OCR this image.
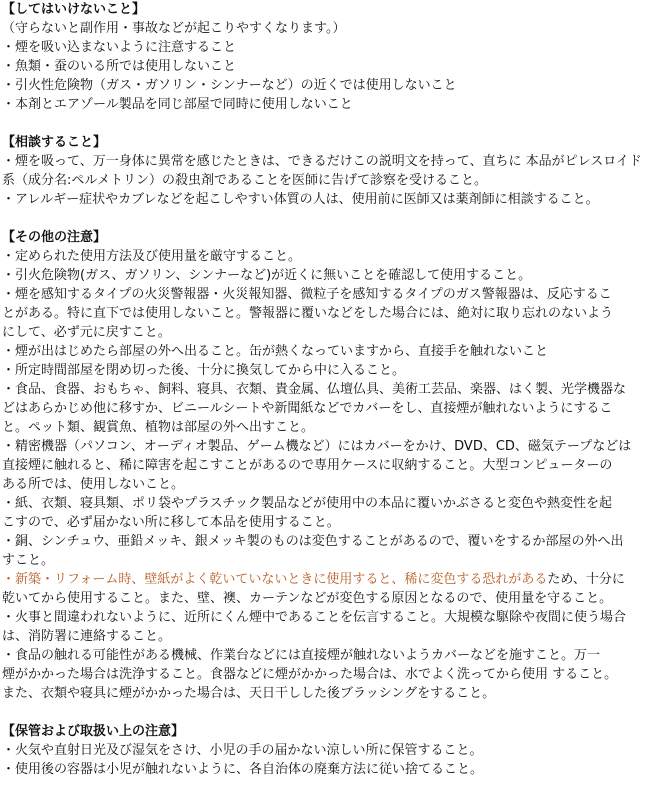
【してはいけないこと】

（守らないと副作用・事故などが起こりやすくなります。）

・煙を吸い込まないように注意すること

・魚類・蚕のいる所では使用しないこと

・引火性危険物（ガス・ガソリン・シンナーなど）の近くでは使用しないこと

・本剤とエアゾール製品を同じ部屋で同時に使用しないこと

【相談すること】

・煙を吸って、万一身体に異常を感じたときは、できるだけこの説明文を持って、直ちに 本品がピレスロイド

系（成分名:ペルメトリン）の殺虫剤であることを医師に告げて診察を受けること。

・アレルギー症状やカブレなどを起こしやすい体質の人は、使用前に医師又は薬剤師に相談すること。

【その他の注意】

・定められた使用方法及び使用量を厳守すること。

・引火危険物(ガス、ガソリン、シンナーなど)が近くに無いことを確認して使用すること。

・煙を感知するタイプの火災警報器・火災報知器、微粒子を感知するタイプのガス警報器は、反応するこ

とがある。特に直下では使用しないこと。警報器に覆いなどをした場合には、絶対に取り忘れのないよう

にして、必ず元に戻すこと。

・煙が出はじめたら部屋の外へ出ること。缶が熱くなっていますから、直接手を触れないこと

・所定時間部屋を閉め切った後、十分に換気してから中に入ること。

・食品、食器、おもちゃ、飼料、寝具、衣類、貴金属、仏壇仏具、美術工芸品、楽器、はく製、光学機器な

どはあらかじめ他に移すか、ビニールシートや新聞紙などでカバーをし、直接煙が触れないようにするこ

と。ペット類、観賞魚、植物は部屋の外へ出すこと。

・精密機器（パソコン、オーディオ製品、ゲーム機など）にはカバーをかけ、DVD、CD、磁気テープなどは

直接煙に触れると、稀に障害を起こすことがあるので専用ケースに収納すること。大型コンピューターの

ある所では、使用しないこと。

・紙、衣類、寝具類、ポリ袋やプラスチック製品などが使用中の本品に覆いかぶさると変色や熱変性を起

こすので、必ず届かない所に移して本品を使用すること。

・銅、シンチュウ、亜鉛メッキ、銀メッキ製のものは変色することがあるので、覆いをするか部屋の外へ出

すこと。

・新築・リフォーム時、壁紙がよく乾いていないときに使用すると、稀に変色する恐れがあるため、十分に

乾いてから使用すること。また、壁、襖、カーテンなどが変色する原因となるので、使用量を守ること。

・火事と間違われないように、近所にくん煙中であることを伝言すること。大規模な駆除や夜間に使う場合

は、消防署に連絡すること。

・食品の触れる可能性がある機械、作業台などには直接煙が触れないようカバーなどを施すこと。万一

煙がかかった場合は洗浄すること。食器などに煙がかかった場合は、水でよく洗ってから使用 すること。

また、衣類や寝具に煙がかかった場合は、天日干しした後ブラッシングをすること。

【保管および取扱い上の注意】

・火気や直射日光及び湿気をさけ、小児の手の届かない涼しい所に保管すること。

・使用後の容器は小児が触れないように、各自治体の廃棄方法に従い捨てること。
